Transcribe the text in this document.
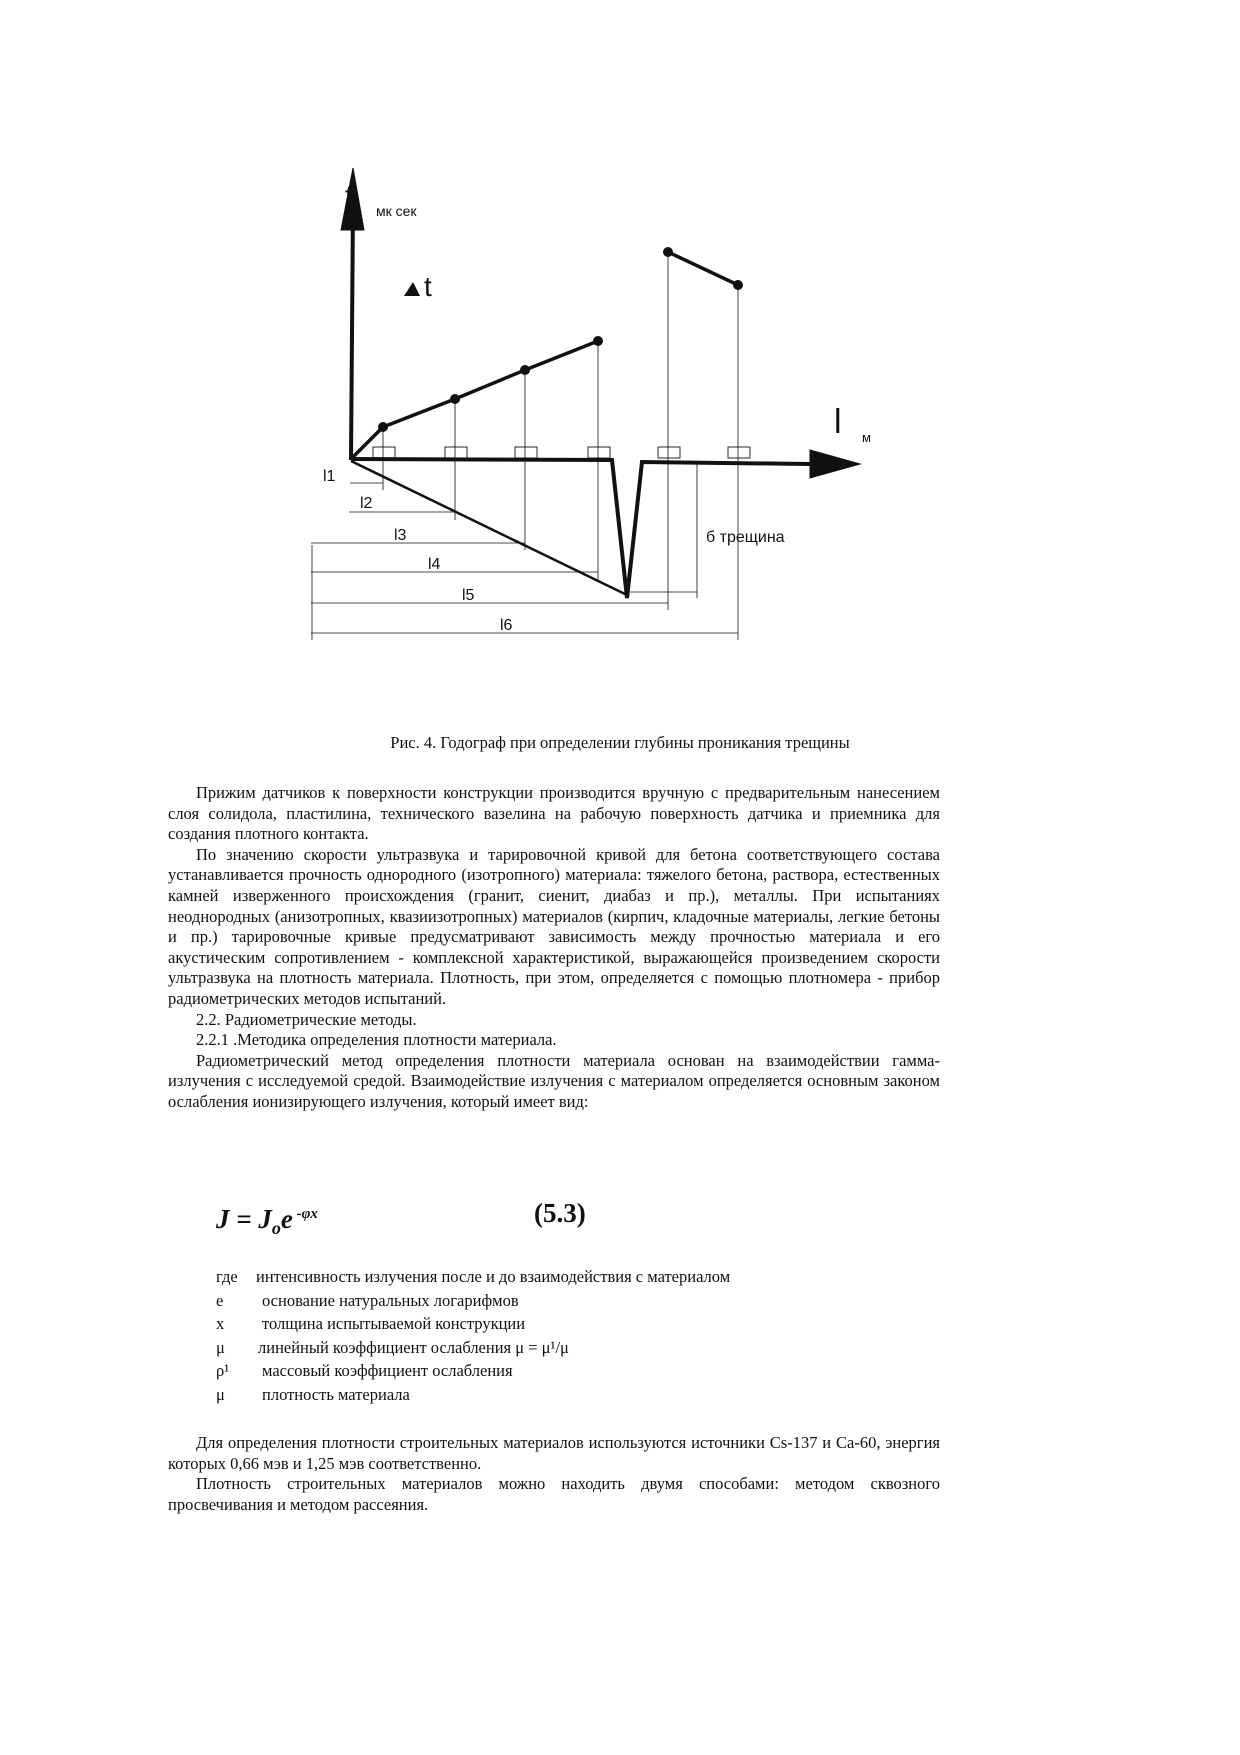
t мк сек
t
l м
б трещина
l1
l2
l3
l4
l5
l6
Рис. 4. Годограф при определении глубины проникания трещины

Прижим датчиков к поверхности конструкции производится вручную с предварительным нанесением слоя солидола, пластилина, технического вазелина на рабочую поверхность датчика и приемника для создания плотного контакта.

По значению скорости ультразвука и тарировочной кривой для бетона соответствующего состава устанавливается прочность однородного (изотропного) материала: тяжелого бетона, раствора, естественных камней изверженного происхождения (гранит, сиенит, диабаз и пр.), металлы. При испытаниях неоднородных (анизотропных, квазиизотропных) материалов (кирпич, кладочные материалы, легкие бетоны и пр.) тарировочные кривые предусматривают зависимость между прочностью материала и его акустическим сопротивлением - комплексной характеристикой, выражающейся произведением скорости ультразвука на плотность материала. Плотность, при этом, определяется с помощью плотномера - прибор радиометрических методов испытаний.

2.2. Радиометрические методы.

2.2.1 .Методика определения плотности материала.

Радиометрический метод определения плотности материала основан на взаимодействии гамма- излучения с исследуемой средой. Взаимодействие излучения с материалом определяется основным законом ослабления ионизирующего излучения, который имеет вид:

$J = J_oe$ $^{-\varphi x}$	(5.3)
где	интенсивность излучения после и до взаимодействия с материалом
e	основание натуральных логарифмов
x	толщина испытываемой конструкции
μ	линейный коэффициент ослабления μ = μ¹/μ
ρ¹	массовый коэффициент ослабления
μ	плотность материала

Для определения плотности строительных материалов используются источники Cs-137 и Ca-60, энергия которых 0,66 мэв и 1,25 мэв соответственно.

Плотность строительных материалов можно находить двумя способами: методом сквозного просвечивания и методом рассеяния.
